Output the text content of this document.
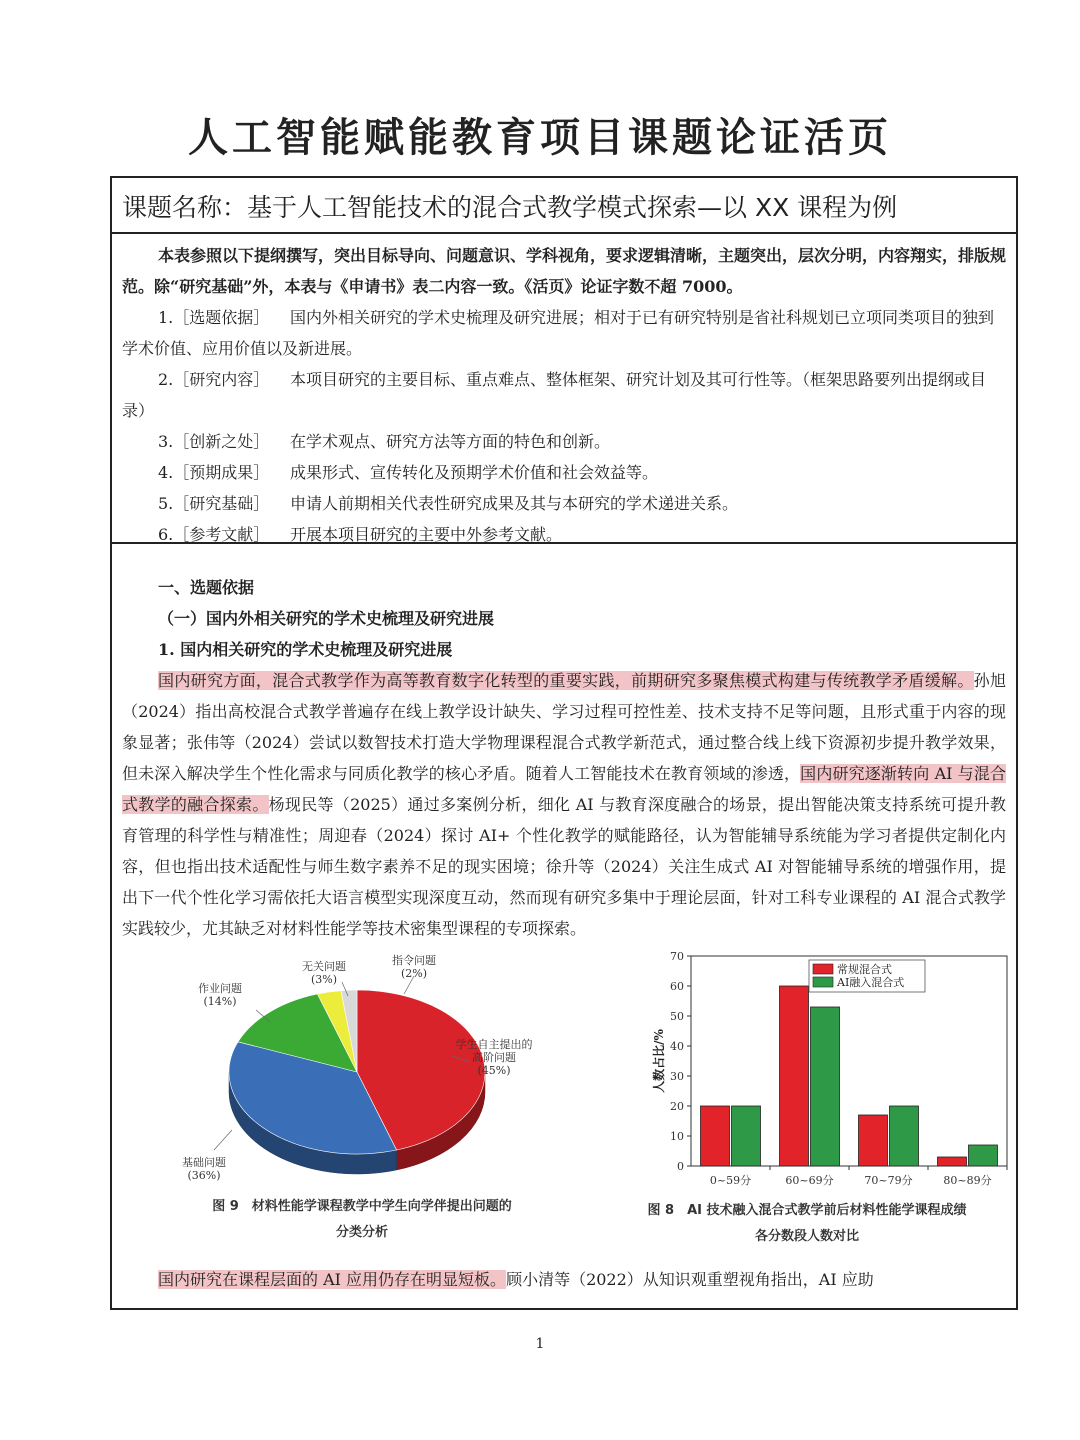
人工智能赋能教育项目课题论证活页
课题名称：基于人工智能技术的混合式教学模式探索—以 XX 课程为例

本表参照以下提纲撰写，突出目标导向、问题意识、学科视角，要求逻辑清晰，主题突出，层次分明，内容翔实，排版规范。除“研究基础”外，本表与《申请书》表二内容一致。《活页》论证字数不超 7000。

1.［选题依据］ 国内外相关研究的学术史梳理及研究进展；相对于已有研究特别是省社科规划已立项同类项目的独到学术价值、应用价值以及新进展。

2.［研究内容］ 本项目研究的主要目标、重点难点、整体框架、研究计划及其可行性等。（框架思路要列出提纲或目录）

3.［创新之处］ 在学术观点、研究方法等方面的特色和创新。

4.［预期成果］ 成果形式、宣传转化及预期学术价值和社会效益等。

5.［研究基础］ 申请人前期相关代表性研究成果及其与本研究的学术递进关系。

6.［参考文献］ 开展本项目研究的主要中外参考文献。

一、选题依据

（一）国内外相关研究的学术史梳理及研究进展

1. 国内相关研究的学术史梳理及研究进展

国内研究方面，混合式教学作为高等教育数字化转型的重要实践，前期研究多聚焦模式构建与传统教学矛盾缓解。孙旭（2024）指出高校混合式教学普遍存在线上教学设计缺失、学习过程可控性差、技术支持不足等问题，且形式重于内容的现象显著；张伟等（2024）尝试以数智技术打造大学物理课程混合式教学新范式，通过整合线上线下资源初步提升教学效果，但未深入解决学生个性化需求与同质化教学的核心矛盾。随着人工智能技术在教育领域的渗透，国内研究逐渐转向 AI 与混合式教学的融合探索。杨现民等（2025）通过多案例分析，细化 AI 与教育深度融合的场景，提出智能决策支持系统可提升教育管理的科学性与精准性；周迎春（2024）探讨 AI+ 个性化教学的赋能路径，认为智能辅导系统能为学习者提供定制化内容，但也指出技术适配性与师生数字素养不足的现实困境；徐升等（2024）关注生成式 AI 对智能辅导系统的增强作用，提出下一代个性化学习需依托大语言模型实现深度互动，然而现有研究多集中于理论层面，针对工科专业课程的 AI 混合式教学实践较少，尤其缺乏对材料性能学等技术密集型课程的专项探索。

学生自主提出的
高阶问题
(45%)
基础问题
(36%)
作业问题
(14%)
无关问题
(3%)
指令问题
(2%)
图 9　材料性能学课程教学中学生向学伴提出问题的
分类分析
0
10
20
30
40
50
60
70
人数占比/%
0~59分	60~69分	70~79分	80~89分
常规混合式
AI融入混合式
图 8　AI 技术融入混合式教学前后材料性能学课程成绩
各分数段人数对比

国内研究在课程层面的 AI 应用仍存在明显短板。顾小清等（2022）从知识观重塑视角指出，AI 应助

1
